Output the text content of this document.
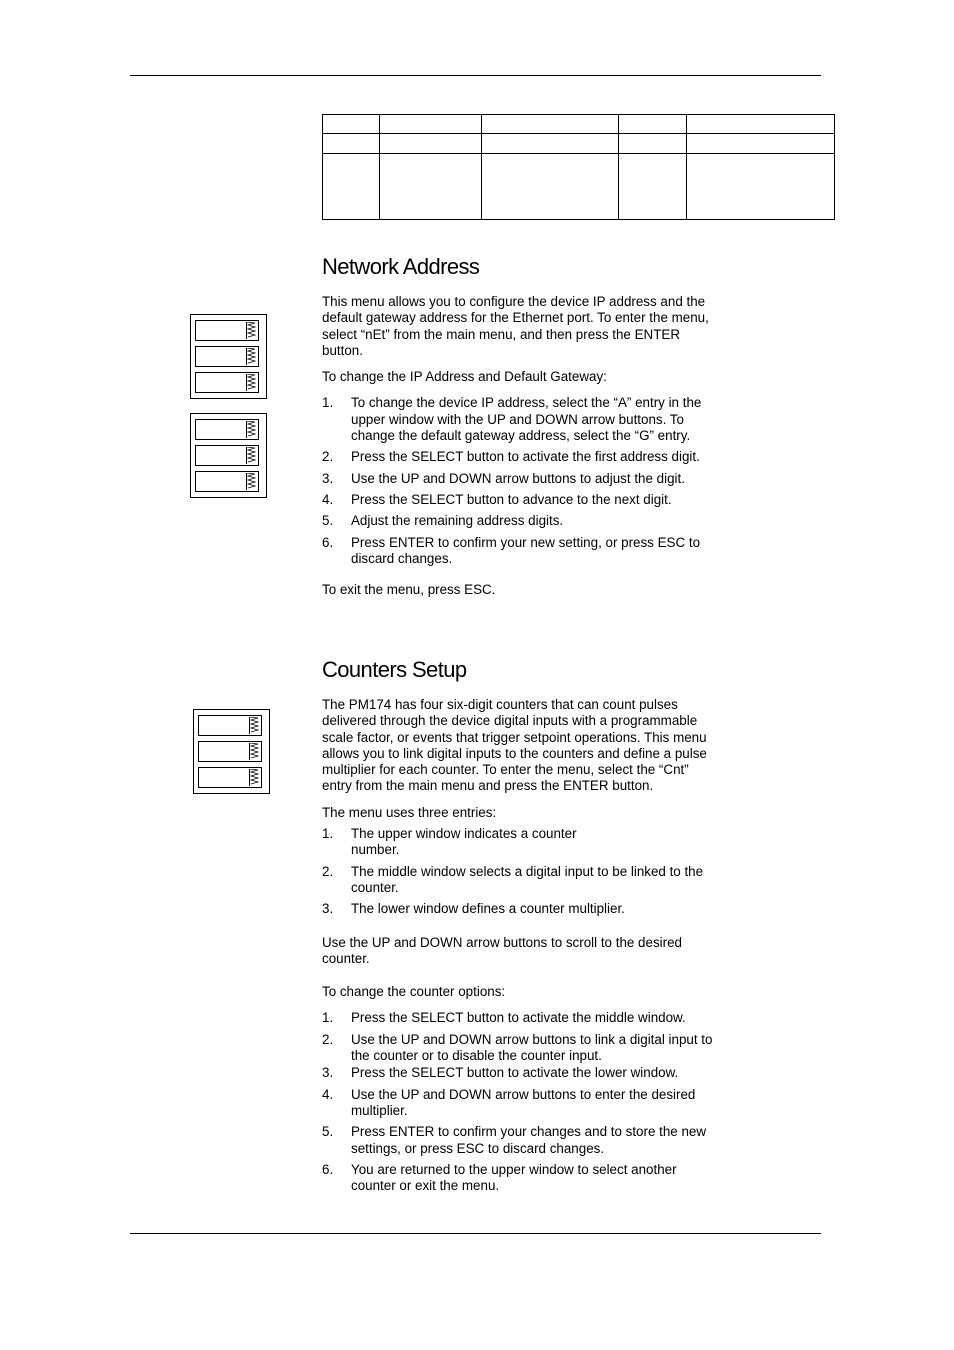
Network Address

This menu allows you to configure the device IP address and the default gateway address for the Ethernet port. To enter the menu, select “nEt” from the main menu, and then press the ENTER button.

To change the IP Address and Default Gateway:

1. To change the device IP address, select the “A” entry in the upper window with the UP and DOWN arrow buttons. To change the default gateway address, select the “G” entry.
2. Press the SELECT button to activate the first address digit.
3. Use the UP and DOWN arrow buttons to adjust the digit.
4. Press the SELECT button to advance to the next digit.
5. Adjust the remaining address digits.
6. Press ENTER to confirm your new setting, or press ESC to discard changes.

To exit the menu, press ESC.

Counters Setup

The PM174 has four six-digit counters that can count pulses delivered through the device digital inputs with a programmable scale factor, or events that trigger setpoint operations. This menu allows you to link digital inputs to the counters and define a pulse multiplier for each counter. To enter the menu, select the “Cnt” entry from the main menu and press the ENTER button.

The menu uses three entries:

1. The upper window indicates a counter number.
2. The middle window selects a digital input to be linked to the counter.
3. The lower window defines a counter multiplier.

Use the UP and DOWN arrow buttons to scroll to the desired counter.

To change the counter options:

1. Press the SELECT button to activate the middle window.
2. Use the UP and DOWN arrow buttons to link a digital input to the counter or to disable the counter input.
3. Press the SELECT button to activate the lower window.
4. Use the UP and DOWN arrow buttons to enter the desired multiplier.
5. Press ENTER to confirm your changes and to store the new settings, or press ESC to discard changes.
6. You are returned to the upper window to select another counter or exit the menu.
